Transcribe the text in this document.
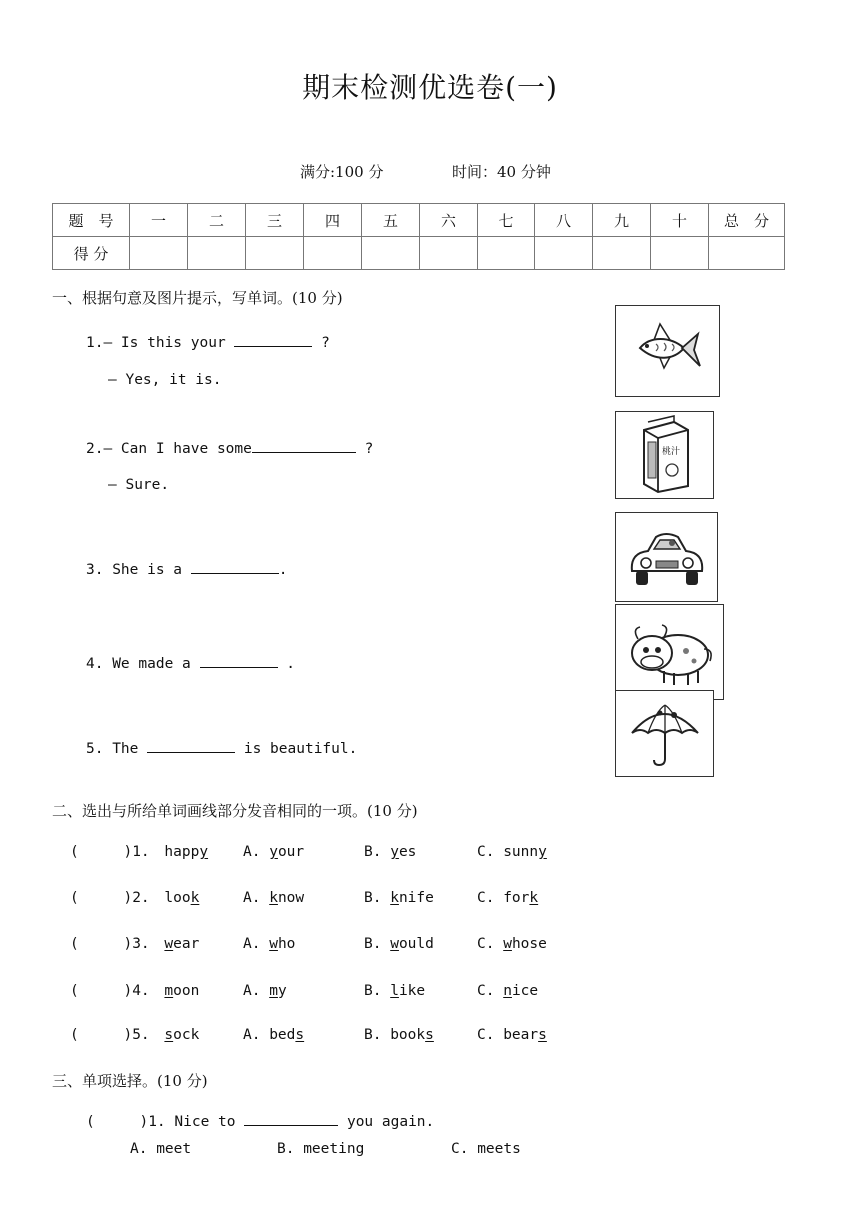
期末检测优选卷(一)
满分:100 分	时间：40 分钟
题　号	一	二	三	四	五	六	七	八	九	十	总　分
得 分											
一、根据句意及图片提示，写单词。(10 分)
1.— Is this your	?
— Yes, it is.
2.— Can I have some	?
— Sure.
3. She is a	.
4. We made a	.
5. The	is beautiful.
桃汁
二、选出与所给单词画线部分发音相同的一项。(10 分)
(	)1. happy A. your	B. yes	C. sunny
(	)2. look	A. know	B. knife	C. fork
(	)3. wear	A. who	B. would	C. whose
(	)4. moon	A. my	B. like	C. nice
(	)5. sock	A. beds	B. books	C. bears
三、单项选择。(10 分)
(	)1. Nice to	you again.
A. meet	B. meeting	C. meets
